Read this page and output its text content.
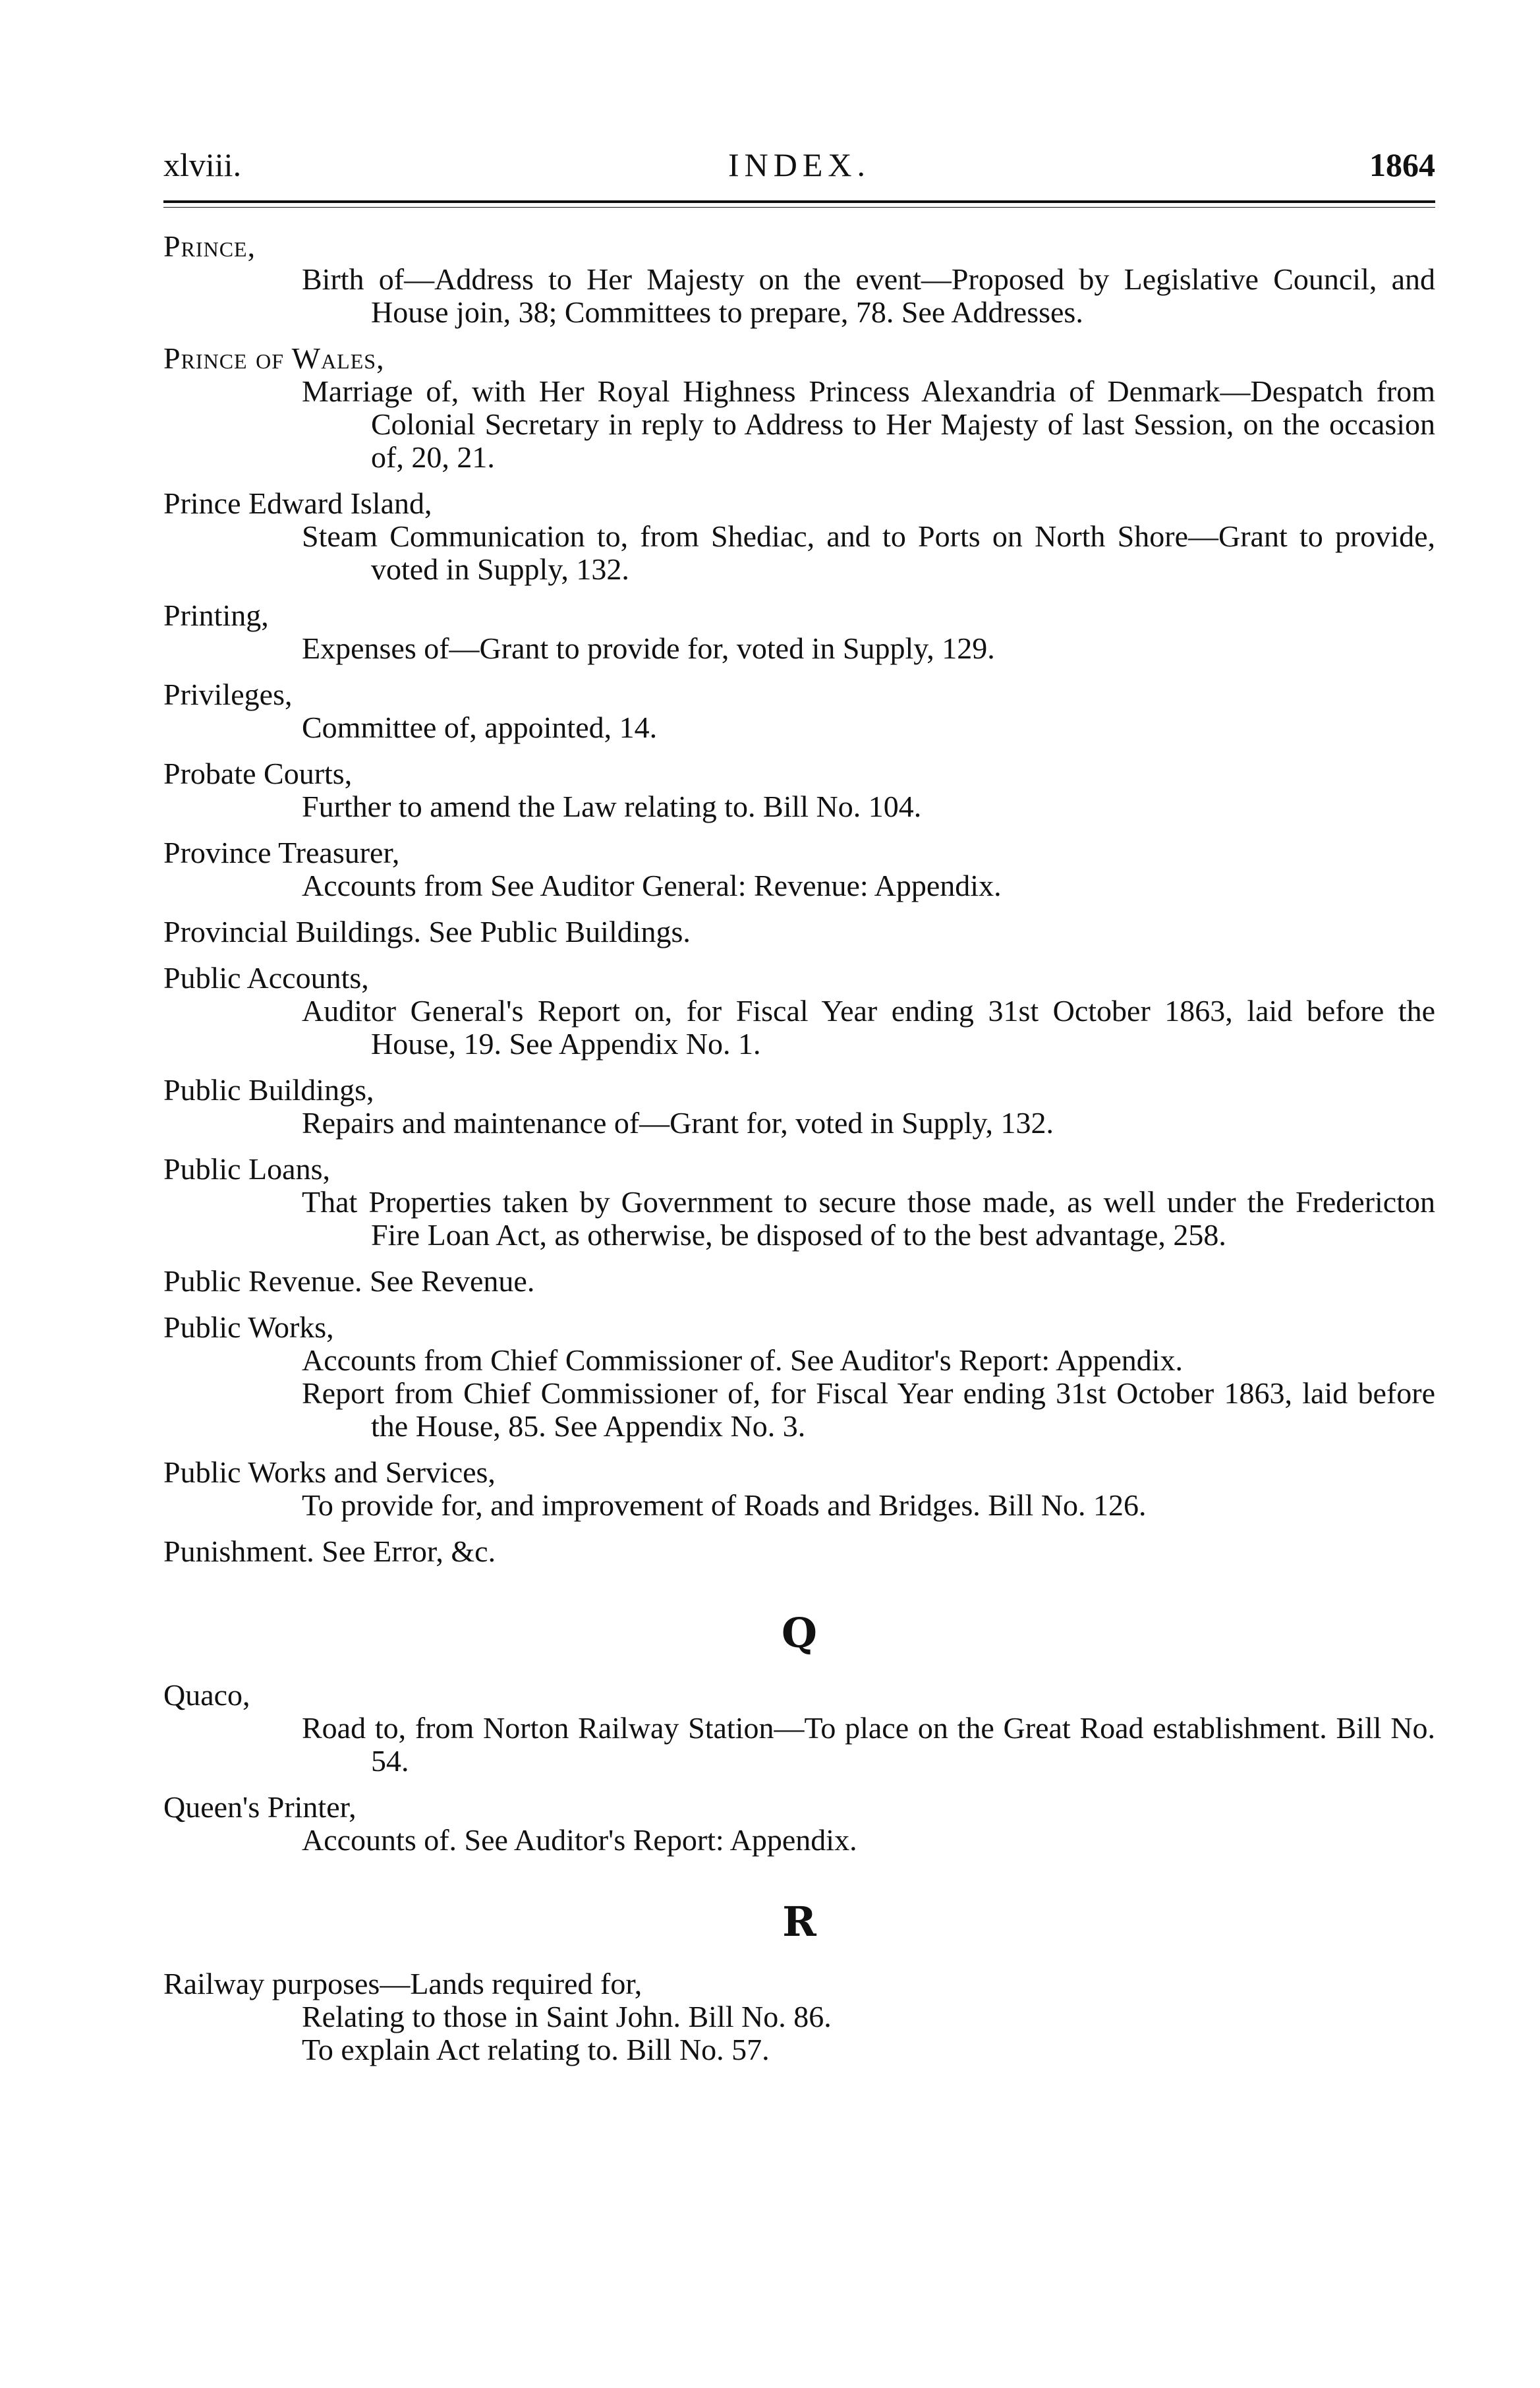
xlviii.	INDEX.	1864

Prince,

Birth of—Address to Her Majesty on the event—Proposed by Legislative Council, and House join, 38; Committees to prepare, 78. See Addresses.

Prince of Wales,

Marriage of, with Her Royal Highness Princess Alexandria of Denmark—Despatch from Colonial Secretary in reply to Address to Her Majesty of last Session, on the occasion of, 20, 21.

Prince Edward Island,

Steam Communication to, from Shediac, and to Ports on North Shore—Grant to provide, voted in Supply, 132.

Printing,

Expenses of—Grant to provide for, voted in Supply, 129.

Privileges,

Committee of, appointed, 14.

Probate Courts,

Further to amend the Law relating to. Bill No. 104.

Province Treasurer,

Accounts from See Auditor General: Revenue: Appendix.

Provincial Buildings. See Public Buildings.

Public Accounts,

Auditor General's Report on, for Fiscal Year ending 31st October 1863, laid before the House, 19. See Appendix No. 1.

Public Buildings,

Repairs and maintenance of—Grant for, voted in Supply, 132.

Public Loans,

That Properties taken by Government to secure those made, as well under the Fredericton Fire Loan Act, as otherwise, be disposed of to the best advantage, 258.

Public Revenue. See Revenue.

Public Works,

Accounts from Chief Commissioner of. See Auditor's Report: Appendix.

Report from Chief Commissioner of, for Fiscal Year ending 31st October 1863, laid before the House, 85. See Appendix No. 3.

Public Works and Services,

To provide for, and improvement of Roads and Bridges. Bill No. 126.

Punishment. See Error, &c.

Q

Quaco,

Road to, from Norton Railway Station—To place on the Great Road establishment. Bill No. 54.

Queen's Printer,

Accounts of. See Auditor's Report: Appendix.

R

Railway purposes—Lands required for,

Relating to those in Saint John. Bill No. 86.

To explain Act relating to. Bill No. 57.
